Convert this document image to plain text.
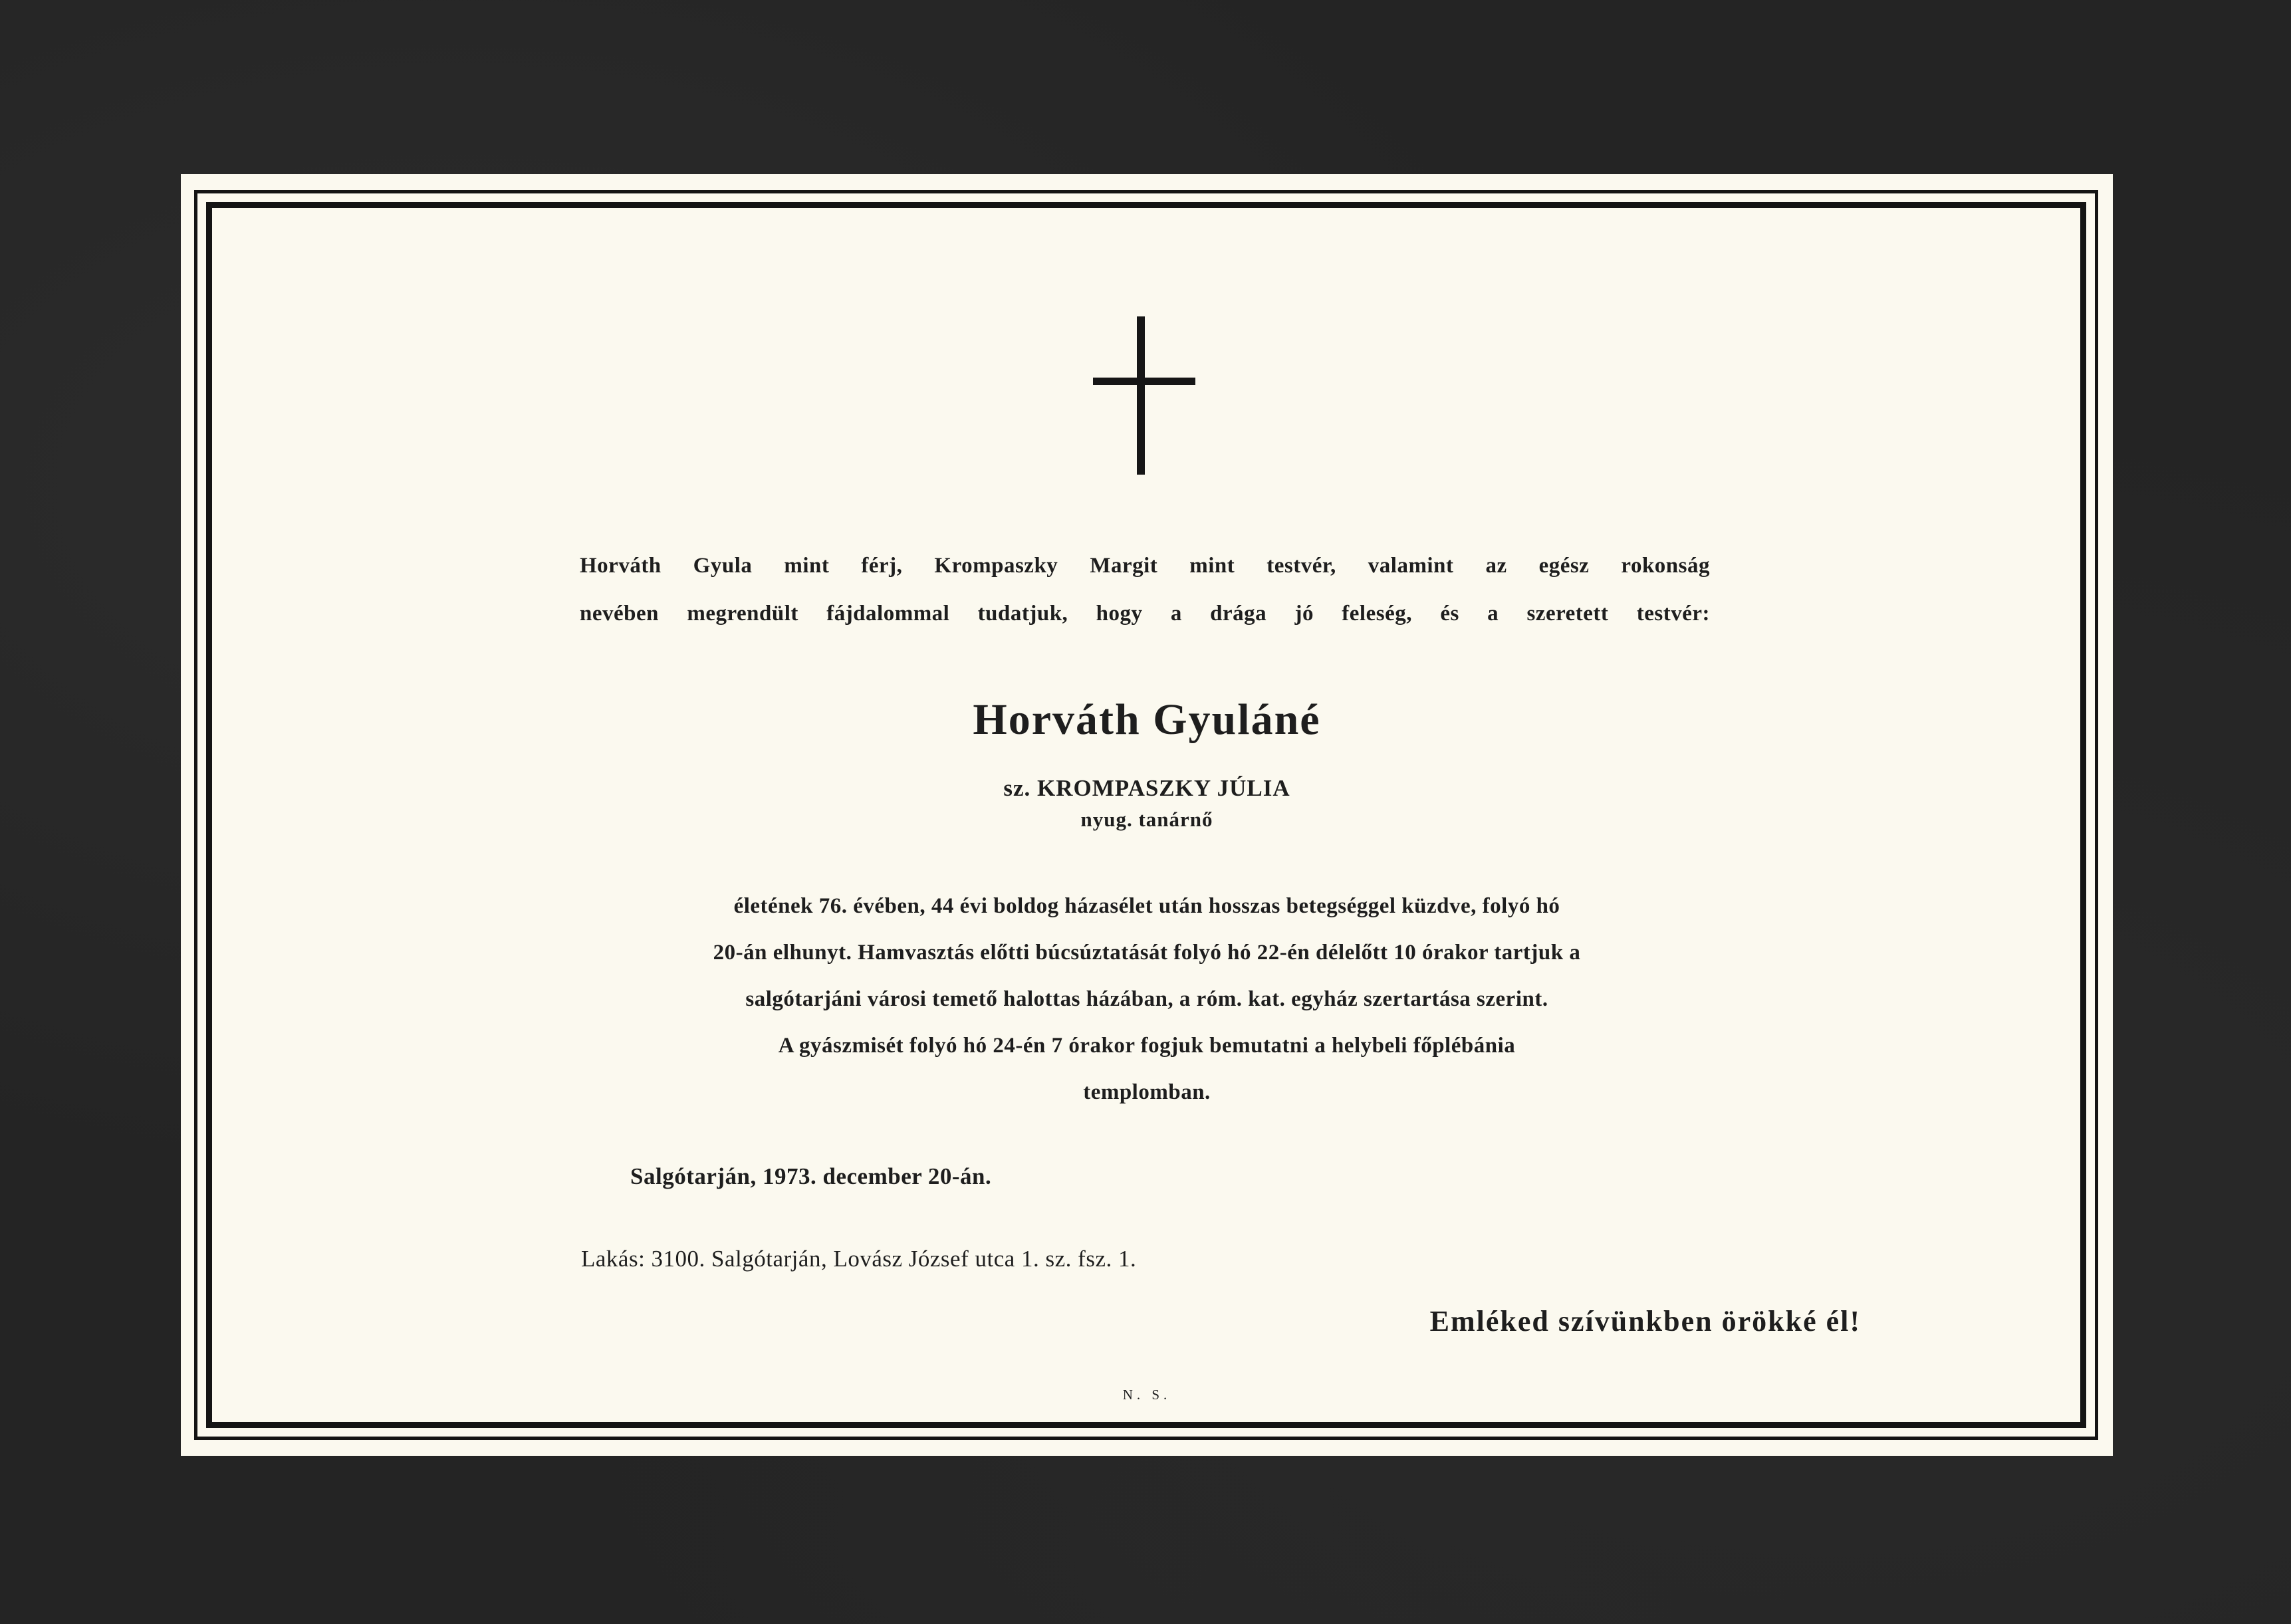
Horváth Gyula mint férj, Krompaszky Margit mint testvér, valamint az egész rokonság
nevében megrendült fájdalommal tudatjuk, hogy a drága jó feleség, és a szeretett testvér:
Horváth Gyuláné
sz. KROMPASZKY JÚLIA
nyug. tanárnő
életének 76. évében, 44 évi boldog házasélet után hosszas betegséggel küzdve, folyó hó
20-án elhunyt. Hamvasztás előtti búcsúztatását folyó hó 22-én délelőtt 10 órakor tartjuk a
salgótarjáni városi temető halottas házában, a róm. kat. egyház szertartása szerint.
A gyászmisét folyó hó 24-én 7 órakor fogjuk bemutatni a helybeli főplébánia
templomban.
Salgótarján, 1973. december 20-án.
Lakás: 3100. Salgótarján, Lovász József utca 1. sz. fsz. 1.
Emléked szívünkben örökké él!
N. S.
